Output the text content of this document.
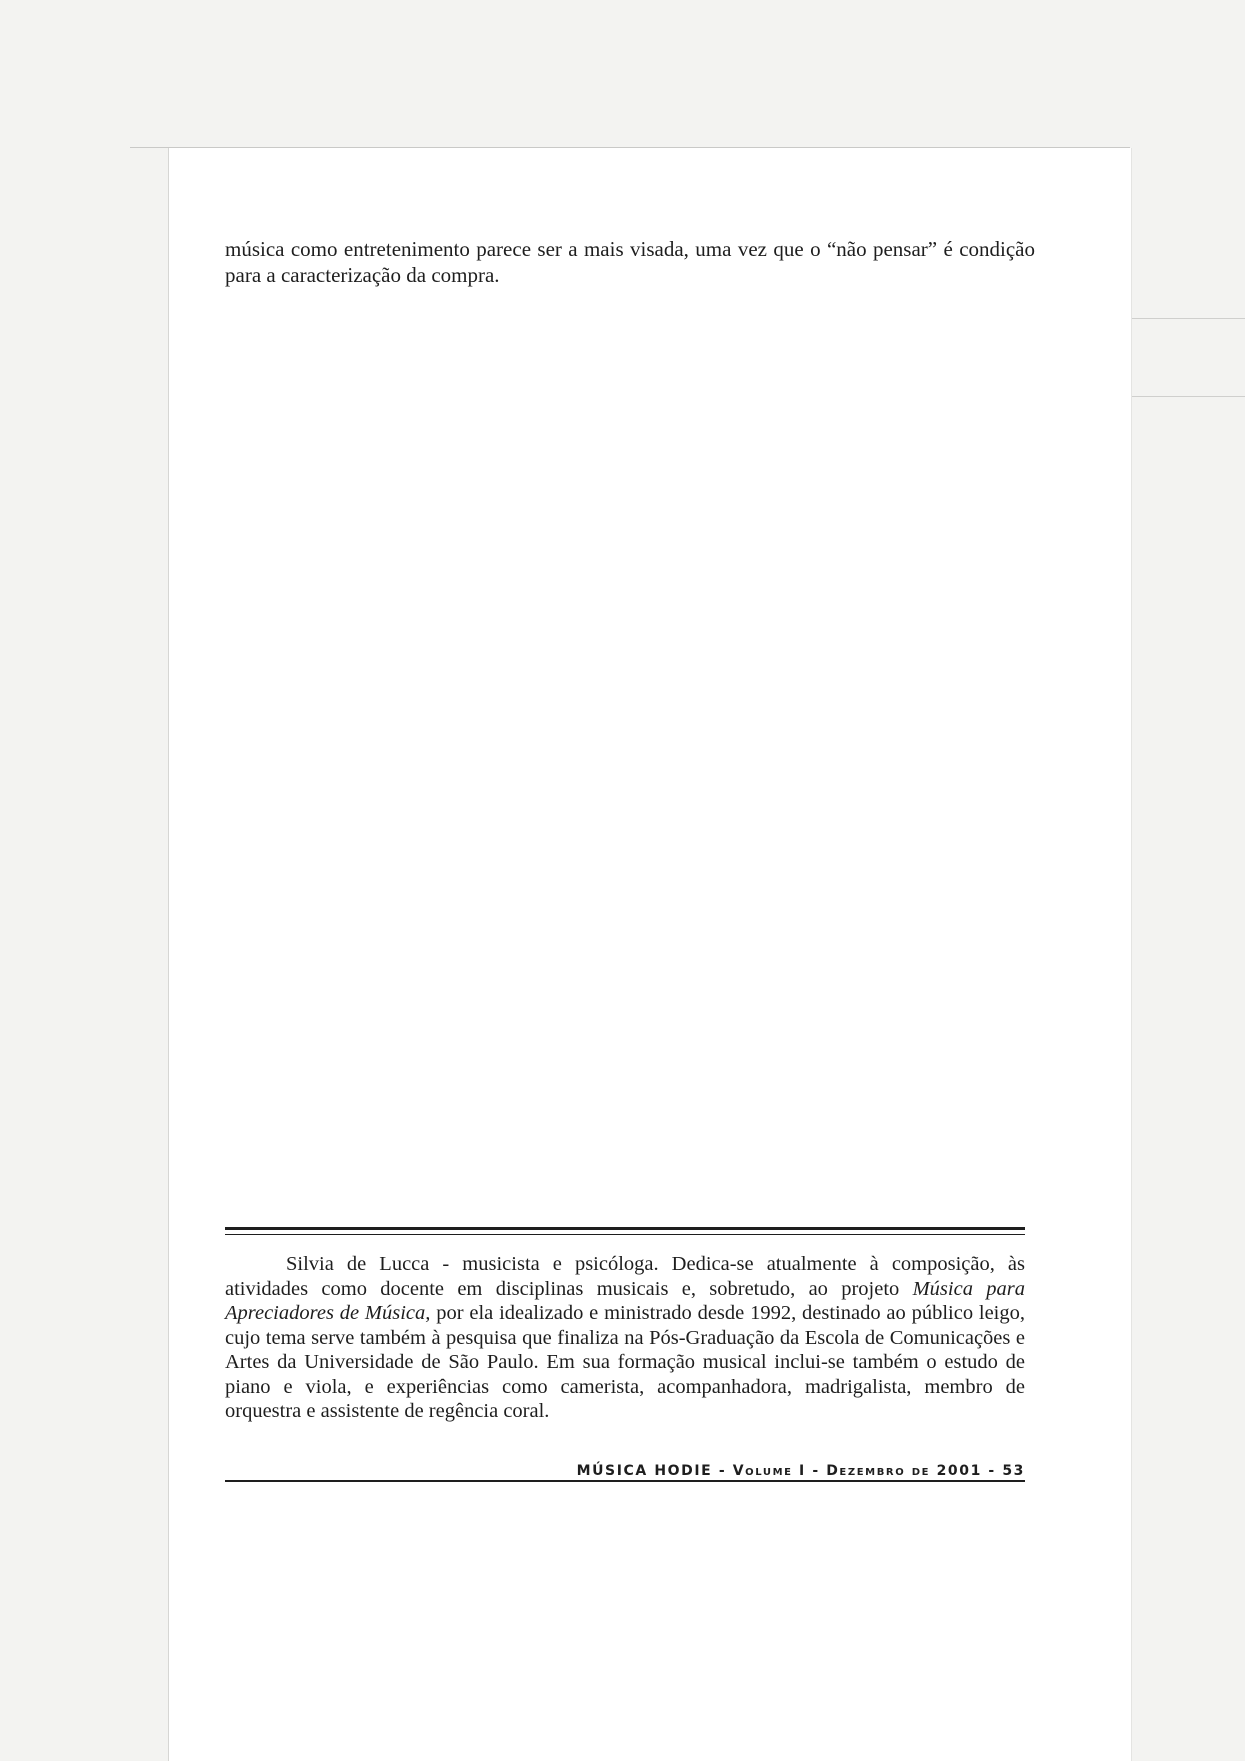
música como entretenimento parece ser a mais visada, uma vez que o “não pensar” é condição para a caracterização da compra.

Silvia de Lucca - musicista e psicóloga. Dedica-se atualmente à composição, às atividades como docente em disciplinas musicais e, sobretudo, ao projeto Música para Apreciadores de Música, por ela idealizado e ministrado desde 1992, destinado ao público leigo, cujo tema serve também à pesquisa que finaliza na Pós-Graduação da Escola de Comunicações e Artes da Universidade de São Paulo. Em sua formação musical inclui-se também o estudo de piano e viola, e experiências como camerista, acompanhadora, madrigalista, membro de orquestra e assistente de regência coral.

MÚSICA HODIE - Volume I - Dezembro de 2001 - 53
